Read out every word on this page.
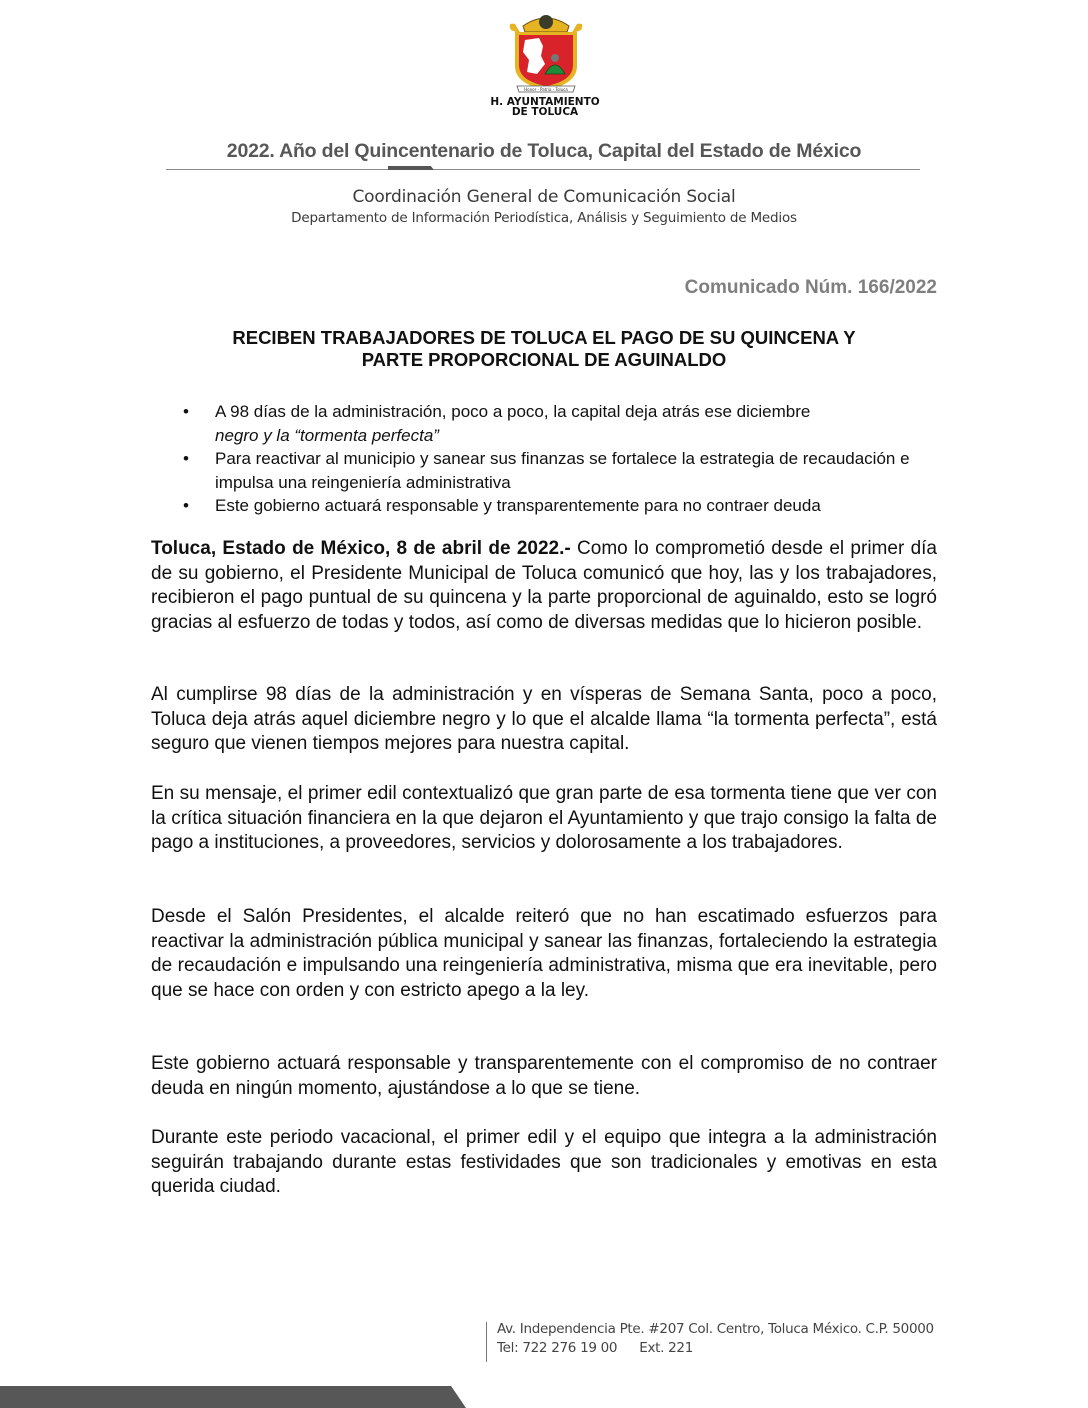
Honor · Patria · Toluca
H. AYUNTAMIENTO
DE TOLUCA
2022. Año del Quincentenario de Toluca, Capital del Estado de México
Coordinación General de Comunicación Social
Departamento de Información Periodística, Análisis y Seguimiento de Medios
Comunicado Núm. 166/2022
RECIBEN TRABAJADORES DE TOLUCA EL PAGO DE SU QUINCENA Y
PARTE PROPORCIONAL DE AGUINALDO
• A 98 días de la administración, poco a poco, la capital deja atrás ese diciembre
negro y la “tormenta perfecta”
• Para reactivar al municipio y sanear sus finanzas se fortalece la estrategia de recaudación e impulsa una reingeniería administrativa
• Este gobierno actuará responsable y transparentemente para no contraer deuda

Toluca, Estado de México, 8 de abril de 2022.- Como lo comprometió desde el primer día de su gobierno, el Presidente Municipal de Toluca comunicó que hoy, las y los trabajadores, recibieron el pago puntual de su quincena y la parte proporcional de aguinaldo, esto se logró gracias al esfuerzo de todas y todos, así como de diversas medidas que lo hicieron posible.

Al cumplirse 98 días de la administración y en vísperas de Semana Santa, poco a poco, Toluca deja atrás aquel diciembre negro y lo que el alcalde llama “la tormenta perfecta”, está seguro que vienen tiempos mejores para nuestra capital.

En su mensaje, el primer edil contextualizó que gran parte de esa tormenta tiene que ver con la crítica situación financiera en la que dejaron el Ayuntamiento y que trajo consigo la falta de pago a instituciones, a proveedores, servicios y dolorosamente a los trabajadores.

Desde el Salón Presidentes, el alcalde reiteró que no han escatimado esfuerzos para reactivar la administración pública municipal y sanear las finanzas, fortaleciendo la estrategia de recaudación e impulsando una reingeniería administrativa, misma que era inevitable, pero que se hace con orden y con estricto apego a la ley.

Este gobierno actuará responsable y transparentemente con el compromiso de no contraer deuda en ningún momento, ajustándose a lo que se tiene.

Durante este periodo vacacional, el primer edil y el equipo que integra a la administración seguirán trabajando durante estas festividades que son tradicionales y emotivas en esta querida ciudad.

Av. Independencia Pte. #207 Col. Centro, Toluca México. C.P. 50000
Tel: 722 276 19 00 Ext. 221
